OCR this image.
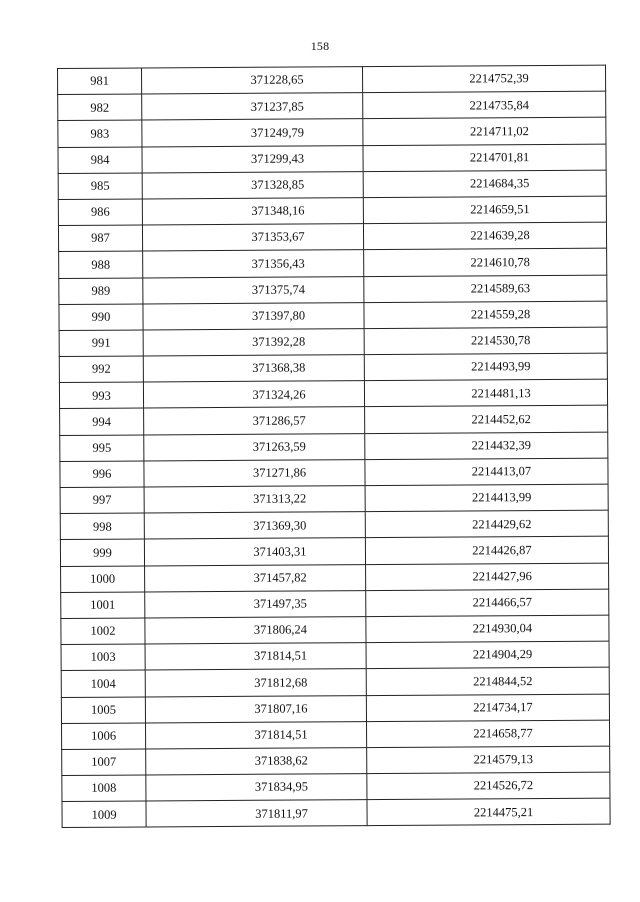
158
981	371228,65	2214752,39
982	371237,85	2214735,84
983	371249,79	2214711,02
984	371299,43	2214701,81
985	371328,85	2214684,35
986	371348,16	2214659,51
987	371353,67	2214639,28
988	371356,43	2214610,78
989	371375,74	2214589,63
990	371397,80	2214559,28
991	371392,28	2214530,78
992	371368,38	2214493,99
993	371324,26	2214481,13
994	371286,57	2214452,62
995	371263,59	2214432,39
996	371271,86	2214413,07
997	371313,22	2214413,99
998	371369,30	2214429,62
999	371403,31	2214426,87
1000	371457,82	2214427,96
1001	371497,35	2214466,57
1002	371806,24	2214930,04
1003	371814,51	2214904,29
1004	371812,68	2214844,52
1005	371807,16	2214734,17
1006	371814,51	2214658,77
1007	371838,62	2214579,13
1008	371834,95	2214526,72
1009	371811,97	2214475,21
